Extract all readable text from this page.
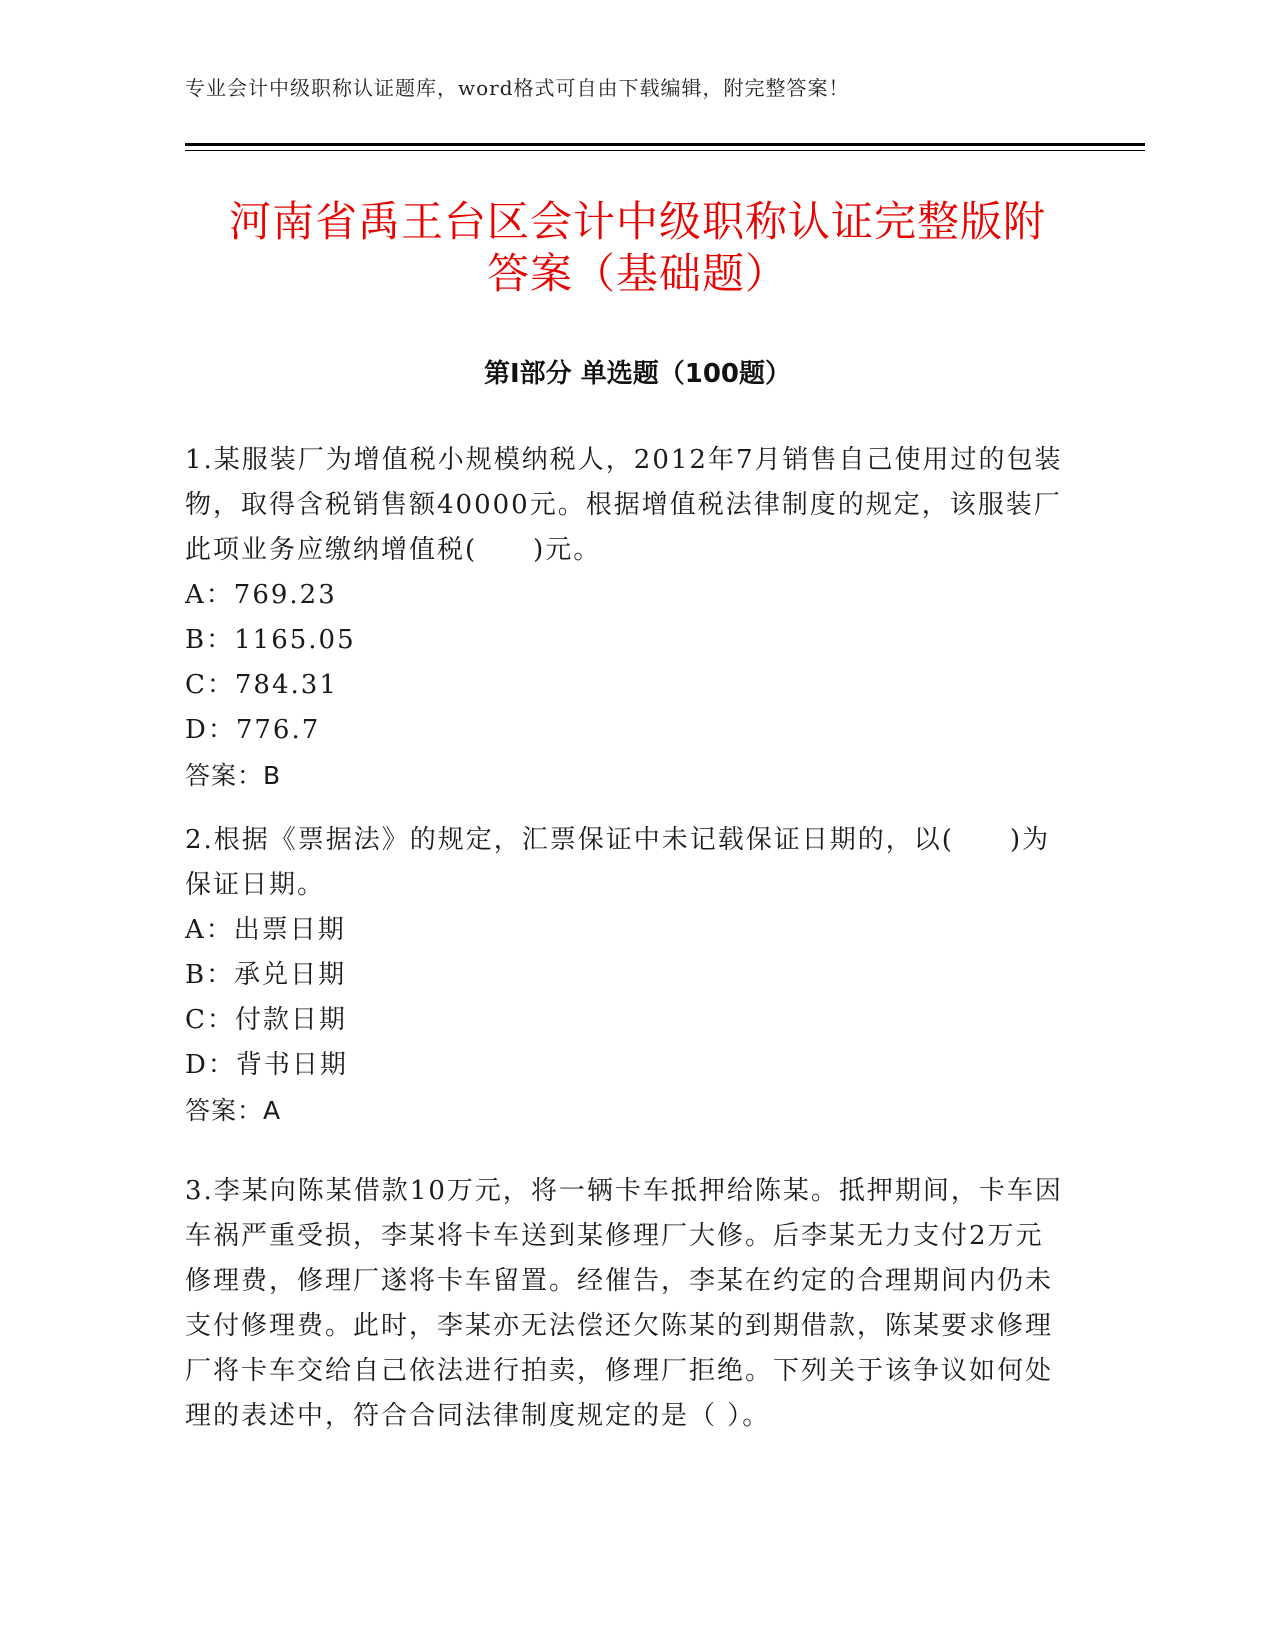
专业会计中级职称认证题库，word格式可自由下载编辑，附完整答案！
河南省禹王台区会计中级职称认证完整版附
答案（基础题）
第Ⅰ部分 单选题（100题）

1.某服装厂为增值税小规模纳税人，2012年7月销售自己使用过的包装物，取得含税销售额40000元。根据增值税法律制度的规定，该服装厂此项业务应缴纳增值税(　　)元。

A：769.23

B：1165.05

C：784.31

D：776.7

答案：B

2.根据《票据法》的规定，汇票保证中未记载保证日期的，以(　　)为保证日期。

A：出票日期

B：承兑日期

C：付款日期

D：背书日期

答案：A

3.李某向陈某借款10万元，将一辆卡车抵押给陈某。抵押期间，卡车因车祸严重受损，李某将卡车送到某修理厂大修。后李某无力支付2万元修理费，修理厂遂将卡车留置。经催告，李某在约定的合理期间内仍未支付修理费。此时，李某亦无法偿还欠陈某的到期借款，陈某要求修理厂将卡车交给自己依法进行拍卖，修理厂拒绝。下列关于该争议如何处理的表述中，符合合同法律制度规定的是（ ）。
